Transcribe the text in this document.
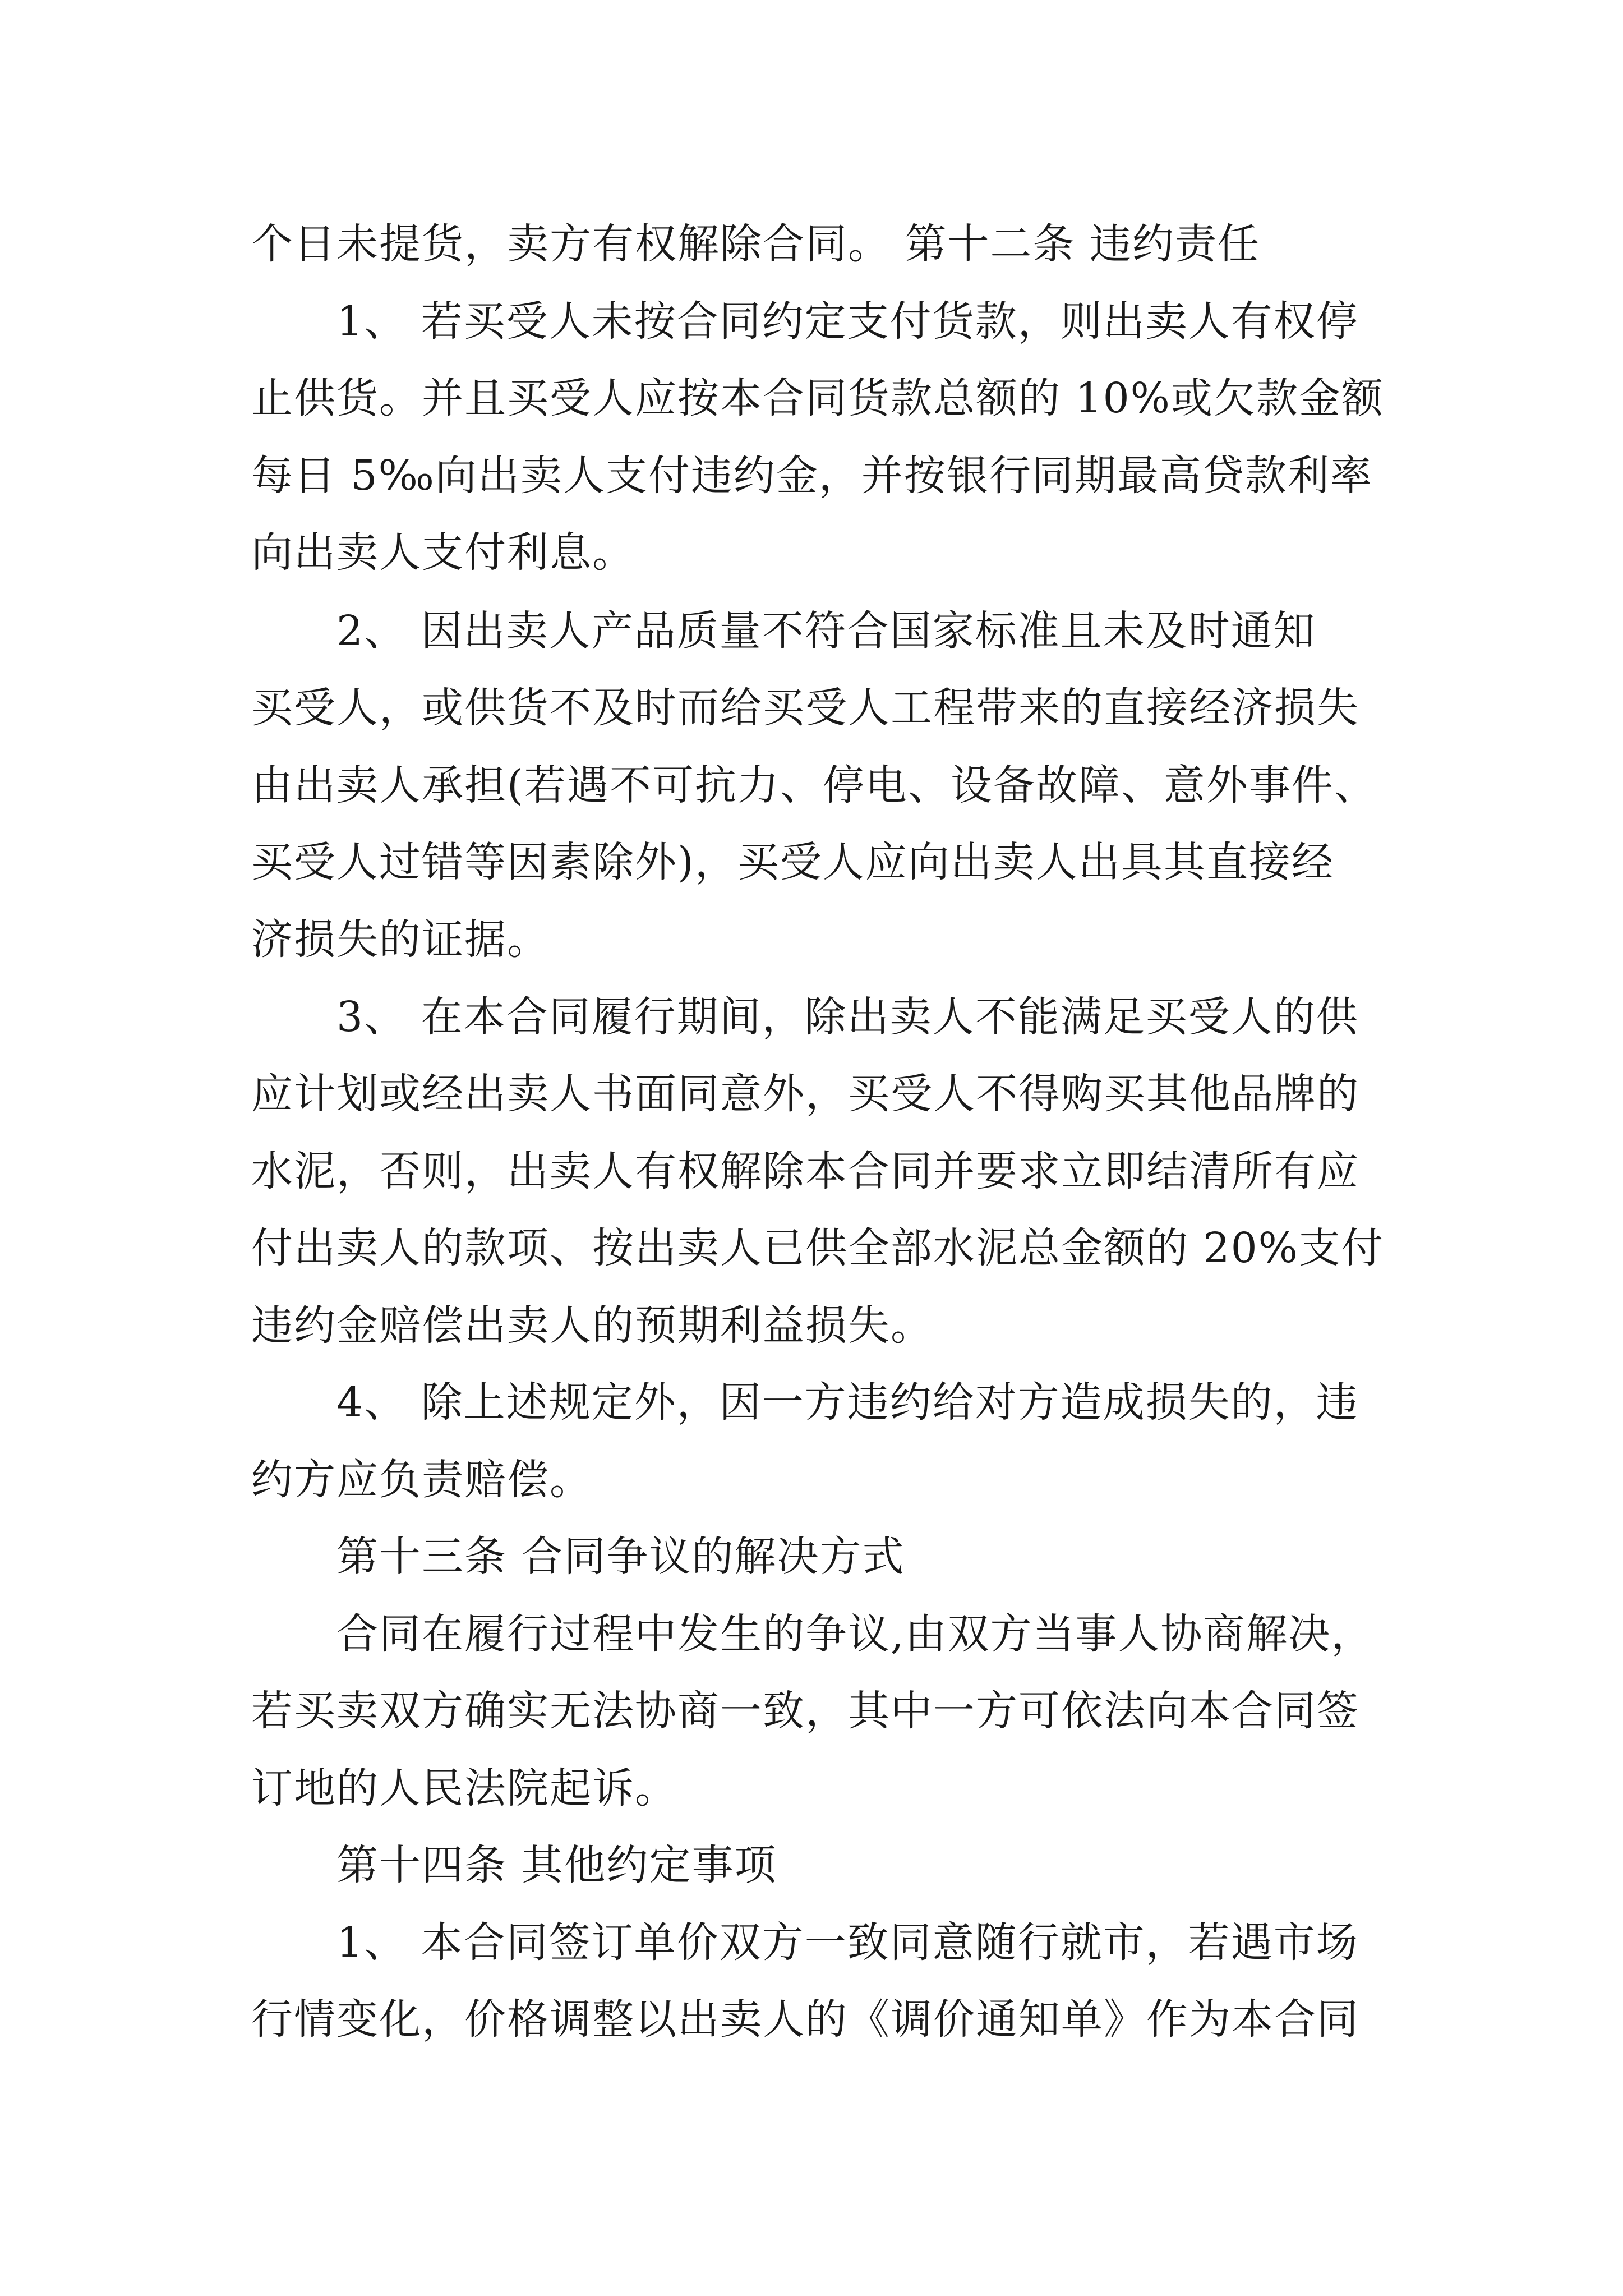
个日未提货，卖方有权解除合同。 第十二条 违约责任
1、 若买受人未按合同约定支付货款，则出卖人有权停
止供货。并且买受人应按本合同货款总额的 10%或欠款金额
每日 5‰向出卖人支付违约金，并按银行同期最高贷款利率
向出卖人支付利息。
2、 因出卖人产品质量不符合国家标准且未及时通知
买受人，或供货不及时而给买受人工程带来的直接经济损失
由出卖人承担(若遇不可抗力、停电、设备故障、意外事件、
买受人过错等因素除外)，买受人应向出卖人出具其直接经
济损失的证据。
3、 在本合同履行期间，除出卖人不能满足买受人的供
应计划或经出卖人书面同意外，买受人不得购买其他品牌的
水泥，否则，出卖人有权解除本合同并要求立即结清所有应
付出卖人的款项、按出卖人已供全部水泥总金额的 20%支付
违约金赔偿出卖人的预期利益损失。
4、 除上述规定外，因一方违约给对方造成损失的，违
约方应负责赔偿。
第十三条 合同争议的解决方式
合同在履行过程中发生的争议,由双方当事人协商解决，
若买卖双方确实无法协商一致，其中一方可依法向本合同签
订地的人民法院起诉。
第十四条 其他约定事项
1、 本合同签订单价双方一致同意随行就市，若遇市场
行情变化，价格调整以出卖人的《调价通知单》作为本合同
